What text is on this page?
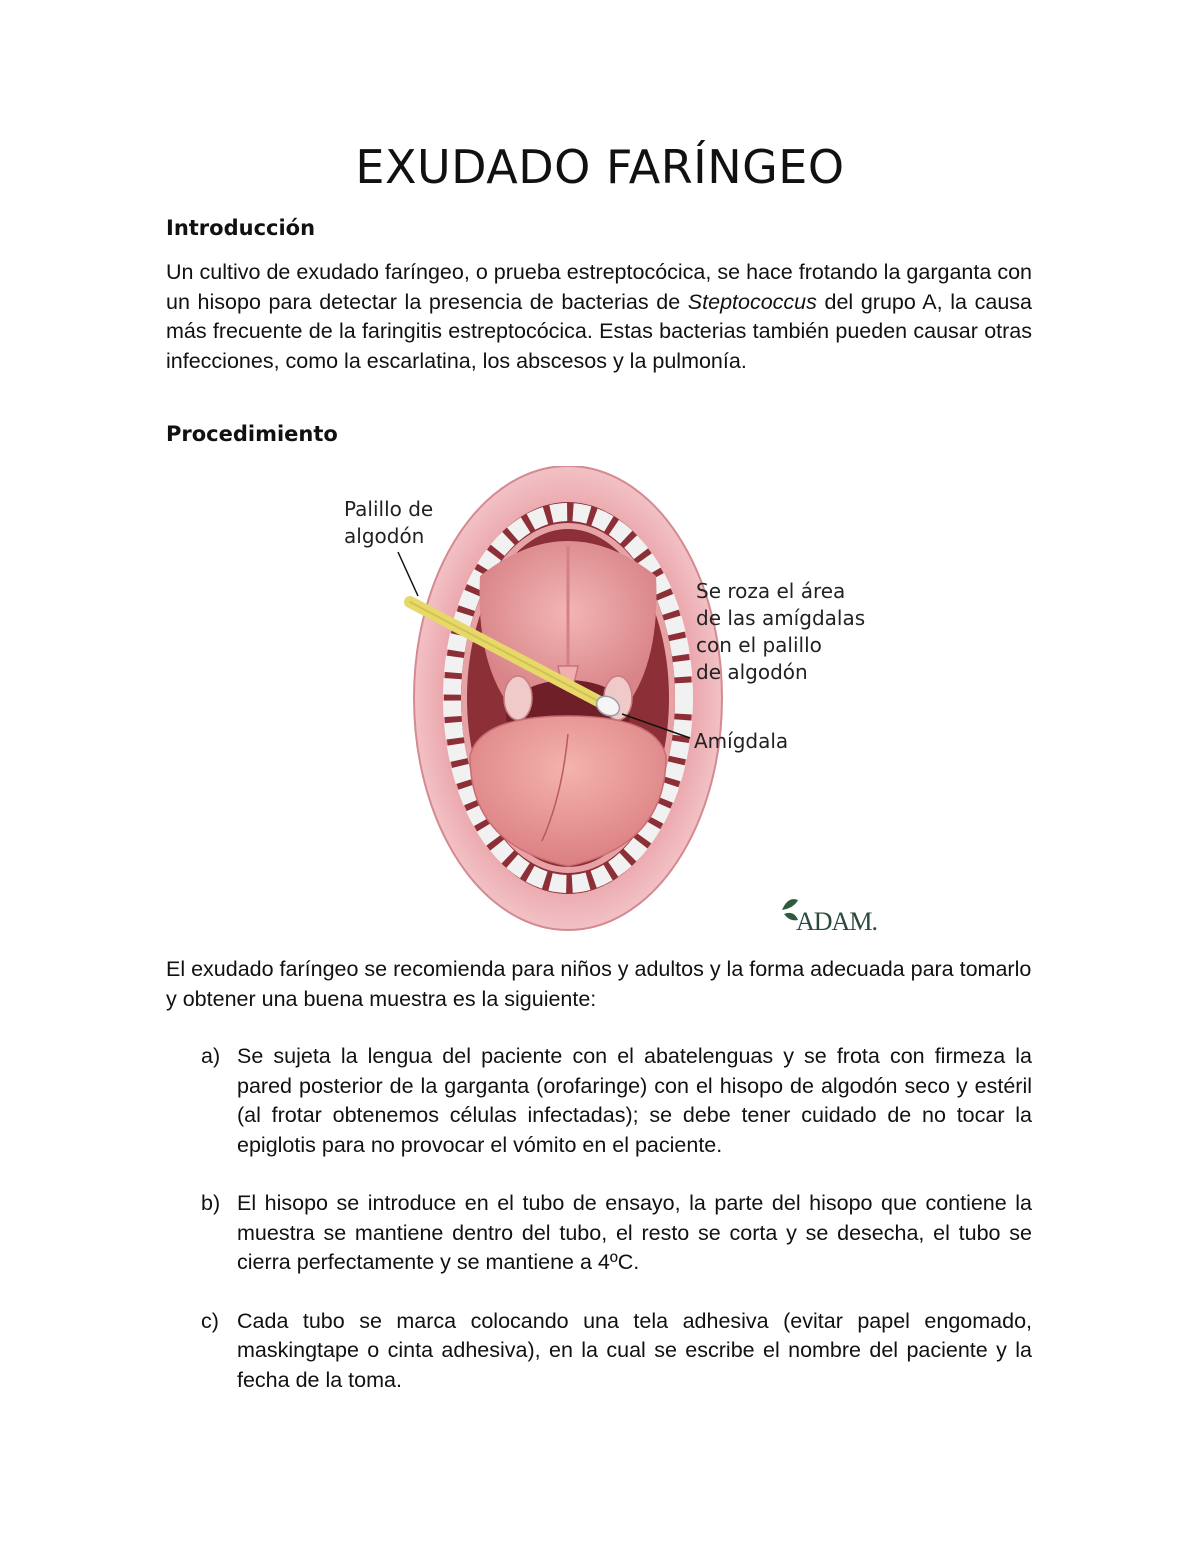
EXUDADO FARÍNGEO
Introducción

Un cultivo de exudado faríngeo, o prueba estreptocócica, se hace frotando la garganta con un hisopo para detectar la presencia de bacterias de Steptococcus del grupo A, la causa más frecuente de la faringitis estreptocócica. Estas bacterias también pueden causar otras infecciones, como la escarlatina, los abscesos y la pulmonía.

Procedimiento
Palillo de
algodón
Se roza el área
de las amígdalas
con el palillo
de algodón
Amígdala
ADAM.

El exudado faríngeo se recomienda para niños y adultos y la forma adecuada para tomarlo y obtener una buena muestra es la siguiente:

a) Se sujeta la lengua del paciente con el abatelenguas y se frota con firmeza la pared posterior de la garganta (orofaringe) con el hisopo de algodón seco y estéril (al frotar obtenemos células infectadas); se debe tener cuidado de no tocar la epiglotis para no provocar el vómito en el paciente.
b) El hisopo se introduce en el tubo de ensayo, la parte del hisopo que contiene la muestra se mantiene dentro del tubo, el resto se corta y se desecha, el tubo se cierra perfectamente y se mantiene a 4ºC.
c) Cada tubo se marca colocando una tela adhesiva (evitar papel engomado, maskingtape o cinta adhesiva), en la cual se escribe el nombre del paciente y la fecha de la toma.
